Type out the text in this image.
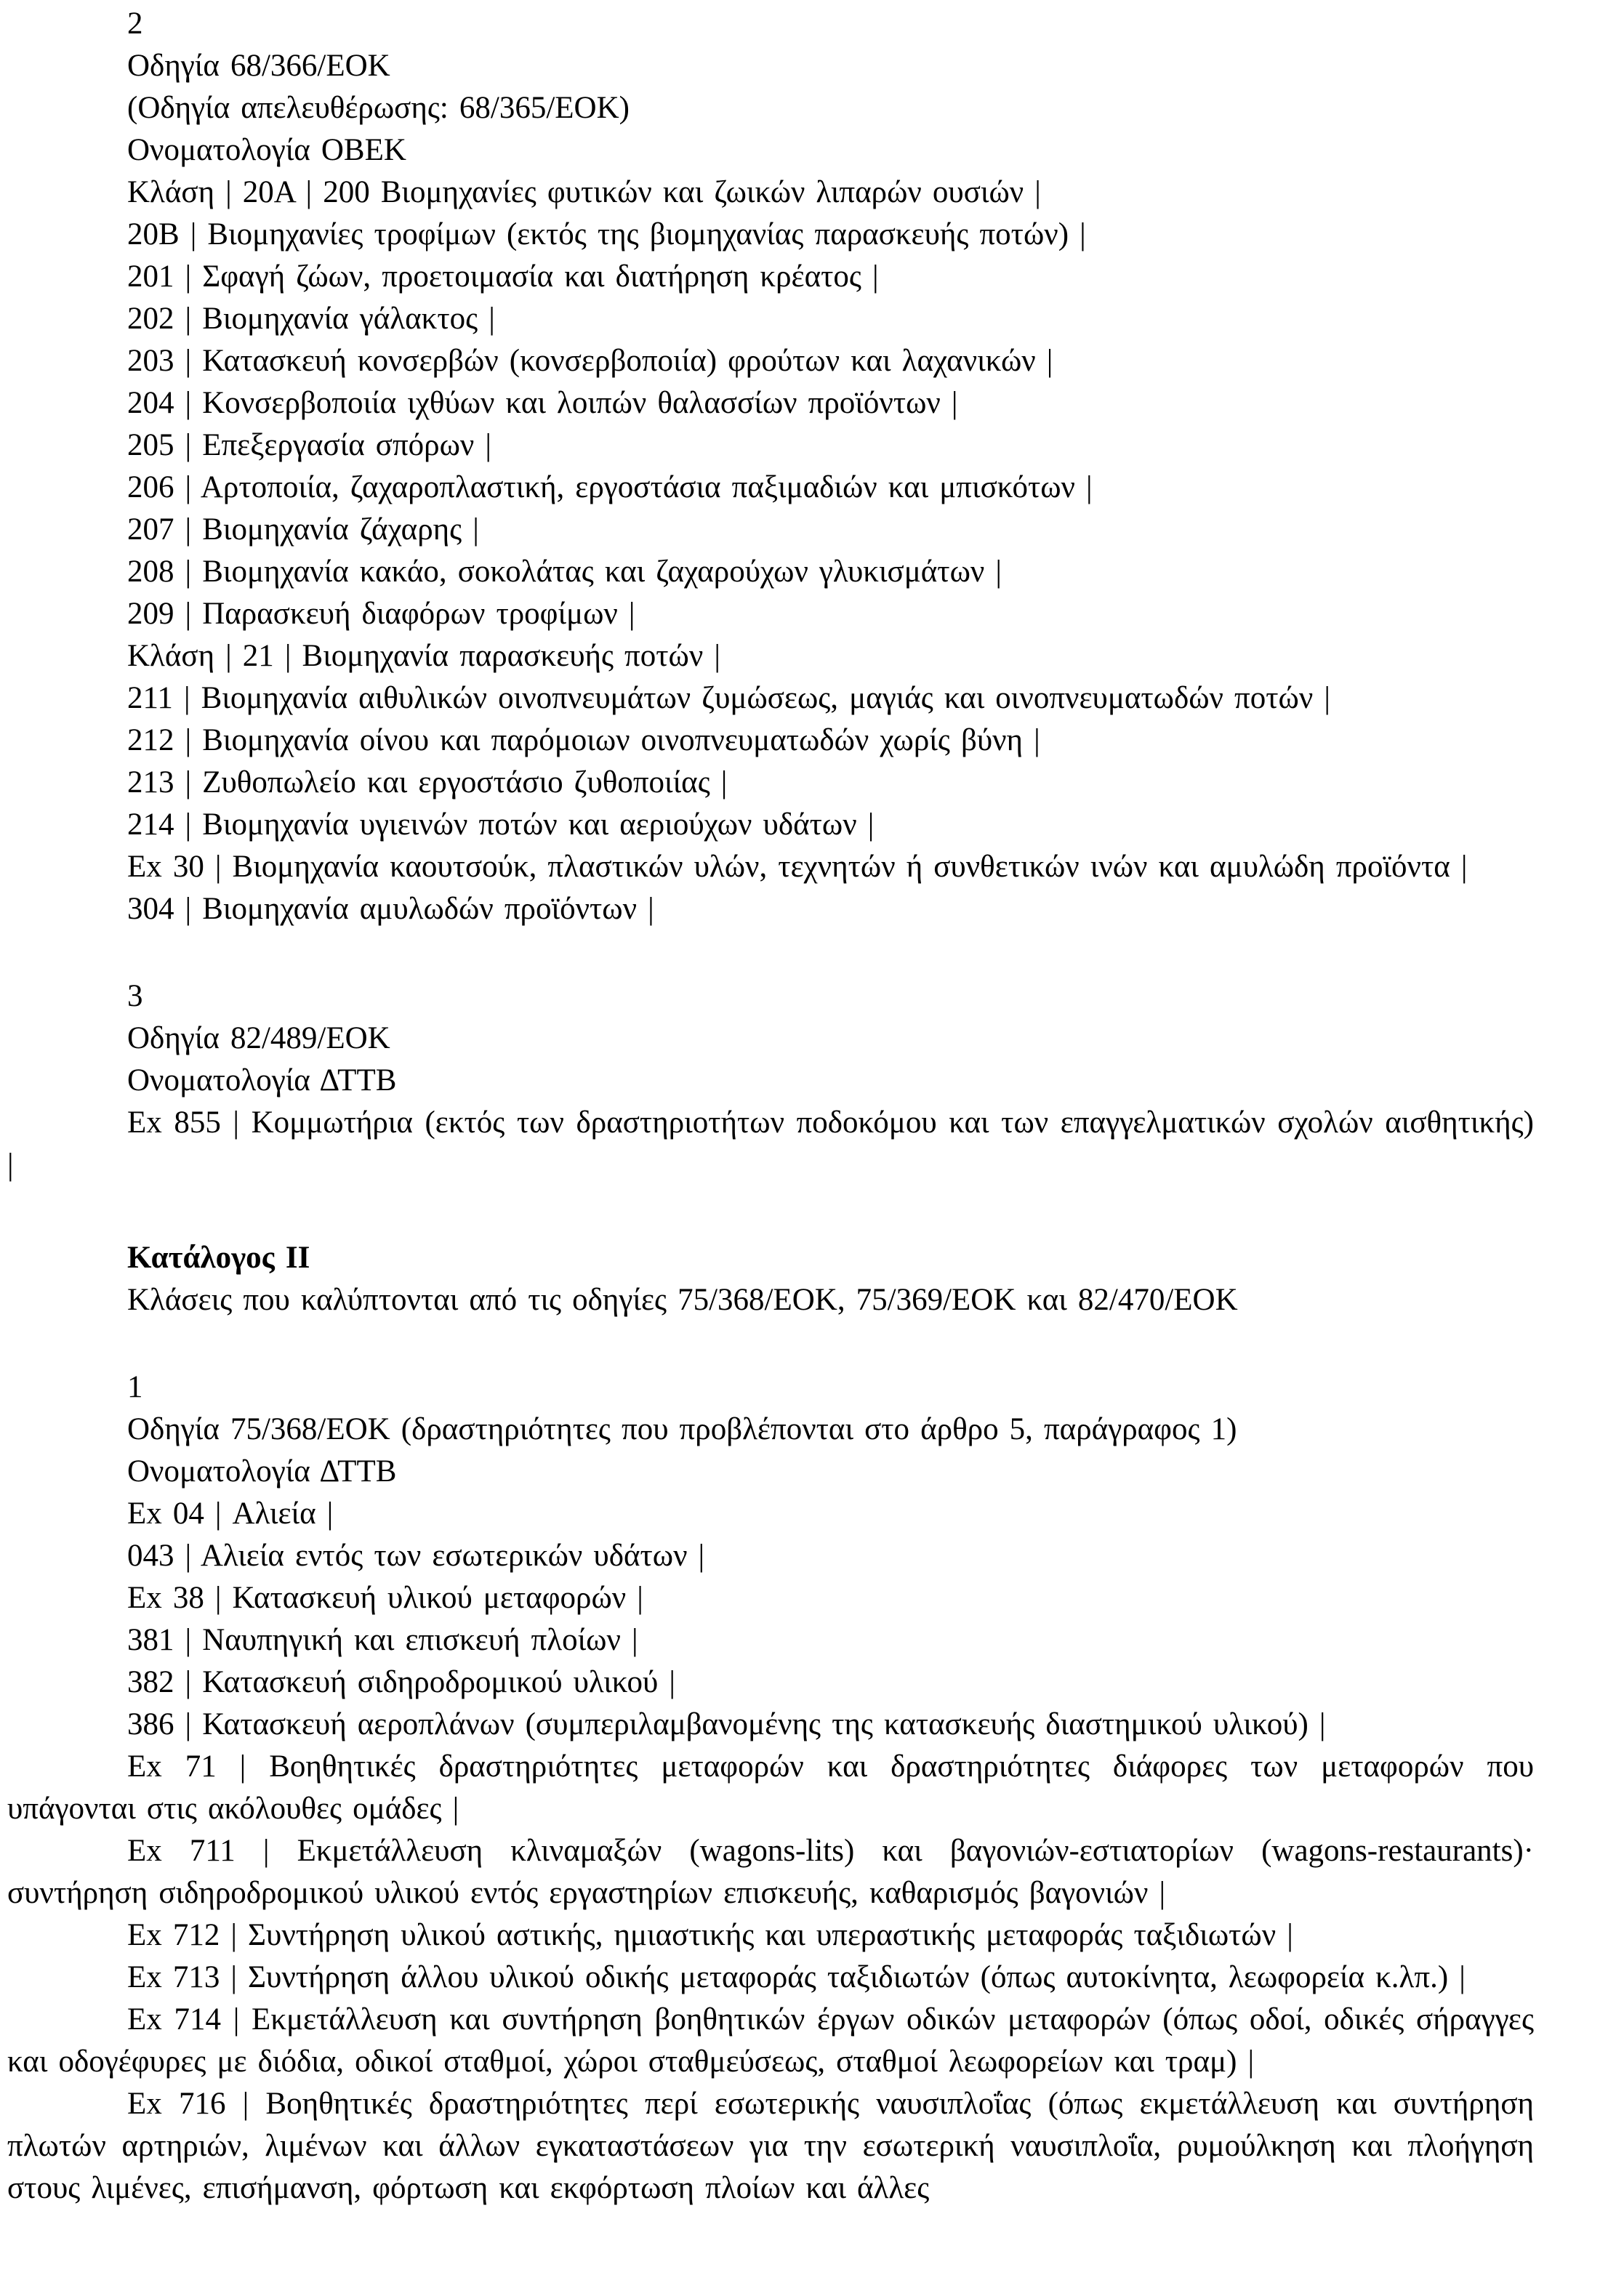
2

Οδηγία 68/366/ΕΟΚ

(Οδηγία απελευθέρωσης: 68/365/ΕΟΚ)

Ονοματολογία ΟΒΕΚ

Κλάση | 20Α | 200 Βιομηχανίες φυτικών και ζωικών λιπαρών ουσιών |

20Β | Βιομηχανίες τροφίμων (εκτός της βιομηχανίας παρασκευής ποτών) |

201 | Σφαγή ζώων, προετοιμασία και διατήρηση κρέατος |

202 | Βιομηχανία γάλακτος |

203 | Κατασκευή κονσερβών (κονσερβοποιία) φρούτων και λαχανικών |

204 | Κονσερβοποιία ιχθύων και λοιπών θαλασσίων προϊόντων |

205 | Επεξεργασία σπόρων |

206 | Αρτοποιία, ζαχαροπλαστική, εργοστάσια παξιμαδιών και μπισκότων |

207 | Βιομηχανία ζάχαρης |

208 | Βιομηχανία κακάο, σοκολάτας και ζαχαρούχων γλυκισμάτων |

209 | Παρασκευή διαφόρων τροφίμων |

Κλάση | 21 | Βιομηχανία παρασκευής ποτών |

211 | Βιομηχανία αιθυλικών οινοπνευμάτων ζυμώσεως, μαγιάς και οινοπνευματωδών ποτών |

212 | Βιομηχανία οίνου και παρόμοιων οινοπνευματωδών χωρίς βύνη |

213 | Ζυθοπωλείο και εργοστάσιο ζυθοποιίας |

214 | Βιομηχανία υγιεινών ποτών και αεριούχων υδάτων |

Ex 30 | Βιομηχανία καουτσούκ, πλαστικών υλών, τεχνητών ή συνθετικών ινών και αμυλώδη προϊόντα |

304 | Βιομηχανία αμυλωδών προϊόντων |

3

Οδηγία 82/489/ΕΟΚ

Ονοματολογία ΔΤΤΒ

Ex 855 | Κομμωτήρια (εκτός των δραστηριοτήτων ποδοκόμου και των επαγγελματικών σχολών αισθητικής) |

Κατάλογος II

Κλάσεις που καλύπτονται από τις οδηγίες 75/368/ΕΟΚ, 75/369/ΕΟΚ και 82/470/ΕΟΚ

1

Οδηγία 75/368/ΕΟΚ (δραστηριότητες που προβλέπονται στο άρθρο 5, παράγραφος 1)

Ονοματολογία ΔΤΤΒ

Ex 04 | Αλιεία |

043 | Αλιεία εντός των εσωτερικών υδάτων |

Ex 38 | Κατασκευή υλικού μεταφορών |

381 | Ναυπηγική και επισκευή πλοίων |

382 | Κατασκευή σιδηροδρομικού υλικού |

386 | Κατασκευή αεροπλάνων (συμπεριλαμβανομένης της κατασκευής διαστημικού υλικού) |

Ex 71 | Βοηθητικές δραστηριότητες μεταφορών και δραστηριότητες διάφορες των μεταφορών που υπάγονται στις ακόλουθες ομάδες |

Ex 711 | Εκμετάλλευση κλιναμαξών (wagons-lits) και βαγονιών-εστιατορίων (wagons-restaurants)· συντήρηση σιδηροδρομικού υλικού εντός εργαστηρίων επισκευής, καθαρισμός βαγονιών |

Ex 712 | Συντήρηση υλικού αστικής, ημιαστικής και υπεραστικής μεταφοράς ταξιδιωτών |

Ex 713 | Συντήρηση άλλου υλικού οδικής μεταφοράς ταξιδιωτών (όπως αυτοκίνητα, λεωφορεία κ.λπ.) |

Ex 714 | Εκμετάλλευση και συντήρηση βοηθητικών έργων οδικών μεταφορών (όπως οδοί, οδικές σήραγγες και οδογέφυρες με διόδια, οδικοί σταθμοί, χώροι σταθμεύσεως, σταθμοί λεωφορείων και τραμ) |

Ex 716 | Βοηθητικές δραστηριότητες περί εσωτερικής ναυσιπλοΐας (όπως εκμετάλλευση και συντήρηση πλωτών αρτηριών, λιμένων και άλλων εγκαταστάσεων για την εσωτερική ναυσιπλοΐα, ρυμούλκηση και πλοήγηση στους λιμένες, επισήμανση, φόρτωση και εκφόρτωση πλοίων και άλλες
